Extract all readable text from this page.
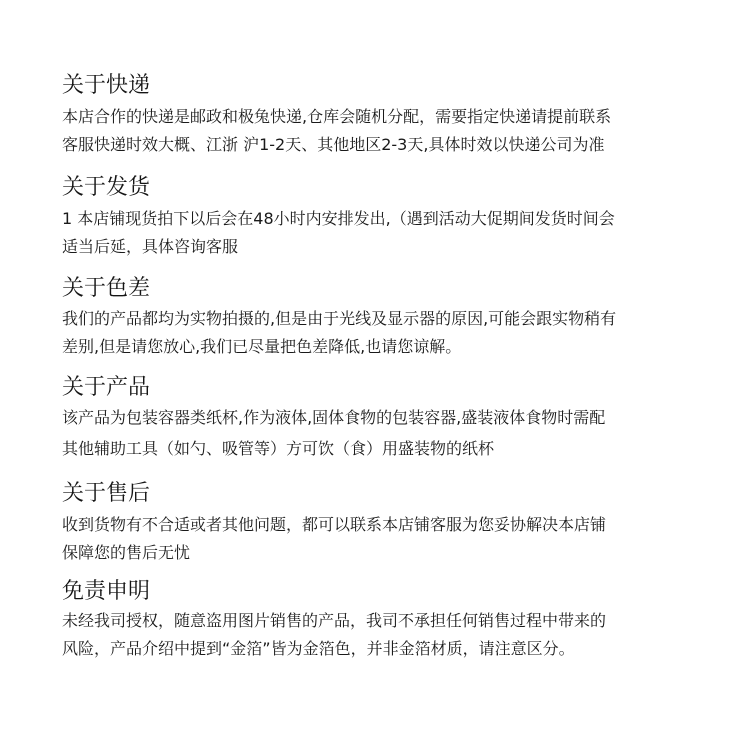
关于快递
本店合作的快递是邮政和极兔快递,仓库会随机分配，需要指定快递请提前联系
客服快递时效大概、江浙 沪1-2天、其他地区2-3天,具体时效以快递公司为准
关于发货
1 本店铺现货拍下以后会在48小时内安排发出,（遇到活动大促期间发货时间会
适当后延，具体咨询客服
关于色差
我们的产品都均为实物拍摄的,但是由于光线及显示器的原因,可能会跟实物稍有
差别,但是请您放心,我们已尽量把色差降低,也请您谅解。
关于产品
该产品为包装容器类纸杯,作为液体,固体食物的包装容器,盛装液体食物时需配
其他辅助工具（如勺、吸管等）方可饮（食）用盛装物的纸杯
关于售后
收到货物有不合适或者其他问题，都可以联系本店铺客服为您妥协解决本店铺
保障您的售后无忧
免责申明
未经我司授权，随意盗用图片销售的产品，我司不承担任何销售过程中带来的
风险，产品介绍中提到“金箔”皆为金箔色，并非金箔材质，请注意区分。
